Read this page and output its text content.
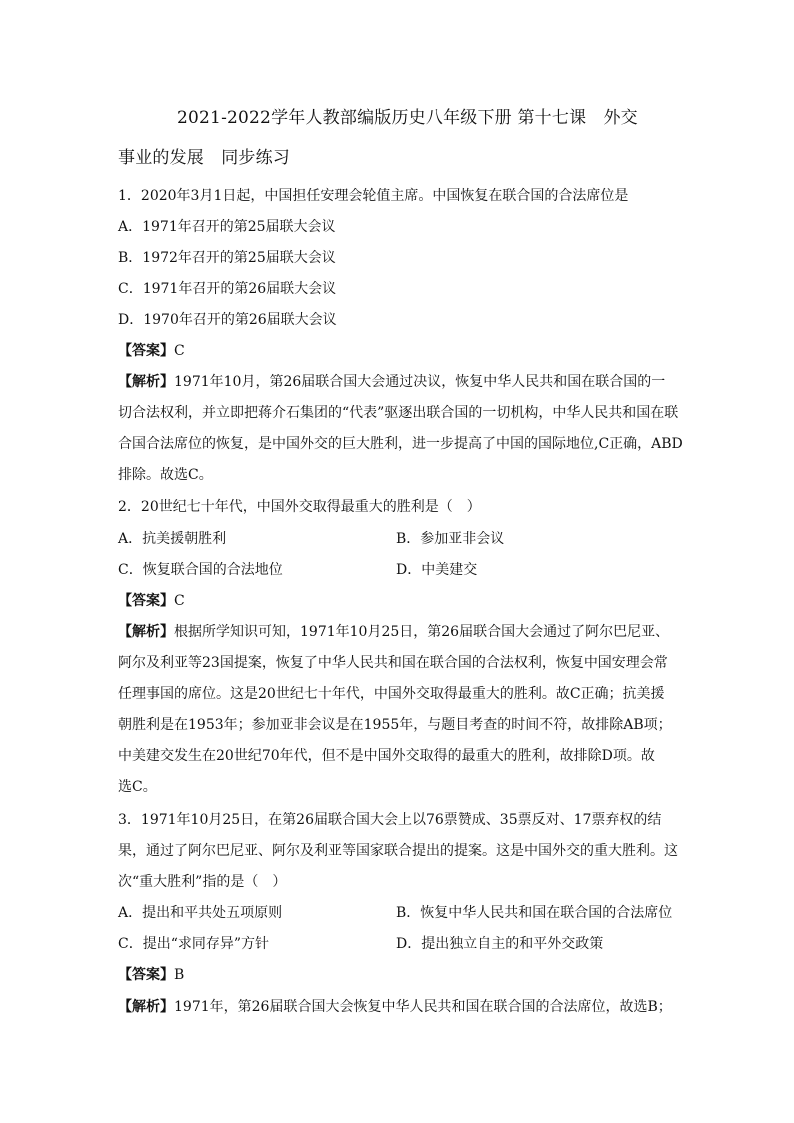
2021-2022学年人教部编版历史八年级下册 第十七课　外交
事业的发展　同步练习
1．2020年3月1日起，中国担任安理会轮值主席。中国恢复在联合国的合法席位是
A．1971年召开的第25届联大会议
B．1972年召开的第25届联大会议
C．1971年召开的第26届联大会议
D．1970年召开的第26届联大会议
【答案】C
【解析】1971年10月，第26届联合国大会通过决议，恢复中华人民共和国在联合国的一
切合法权利，并立即把蒋介石集团的“代表”驱逐出联合国的一切机构，中华人民共和国在联
合国合法席位的恢复，是中国外交的巨大胜利，进一步提高了中国的国际地位,C正确，ABD
排除。故选C。
2．20世纪七十年代，中国外交取得最重大的胜利是（　）
A．抗美援朝胜利	B．参加亚非会议
C．恢复联合国的合法地位	D．中美建交
【答案】C
【解析】根据所学知识可知，1971年10月25日，第26届联合国大会通过了阿尔巴尼亚、
阿尔及利亚等23国提案，恢复了中华人民共和国在联合国的合法权利，恢复中国安理会常
任理事国的席位。这是20世纪七十年代，中国外交取得最重大的胜利。故C正确；抗美援
朝胜利是在1953年；参加亚非会议是在1955年，与题目考查的时间不符，故排除AB项；
中美建交发生在20世纪70年代，但不是中国外交取得的最重大的胜利，故排除D项。故
选C。
3．1971年10月25日，在第26届联合国大会上以76票赞成、35票反对、17票弃权的结
果，通过了阿尔巴尼亚、阿尔及利亚等国家联合提出的提案。这是中国外交的重大胜利。这
次“重大胜利”指的是（　）
A．提出和平共处五项原则	B．恢复中华人民共和国在联合国的合法席位
C．提出“求同存异”方针	D．提出独立自主的和平外交政策
【答案】B
【解析】1971年，第26届联合国大会恢复中华人民共和国在联合国的合法席位，故选B；
